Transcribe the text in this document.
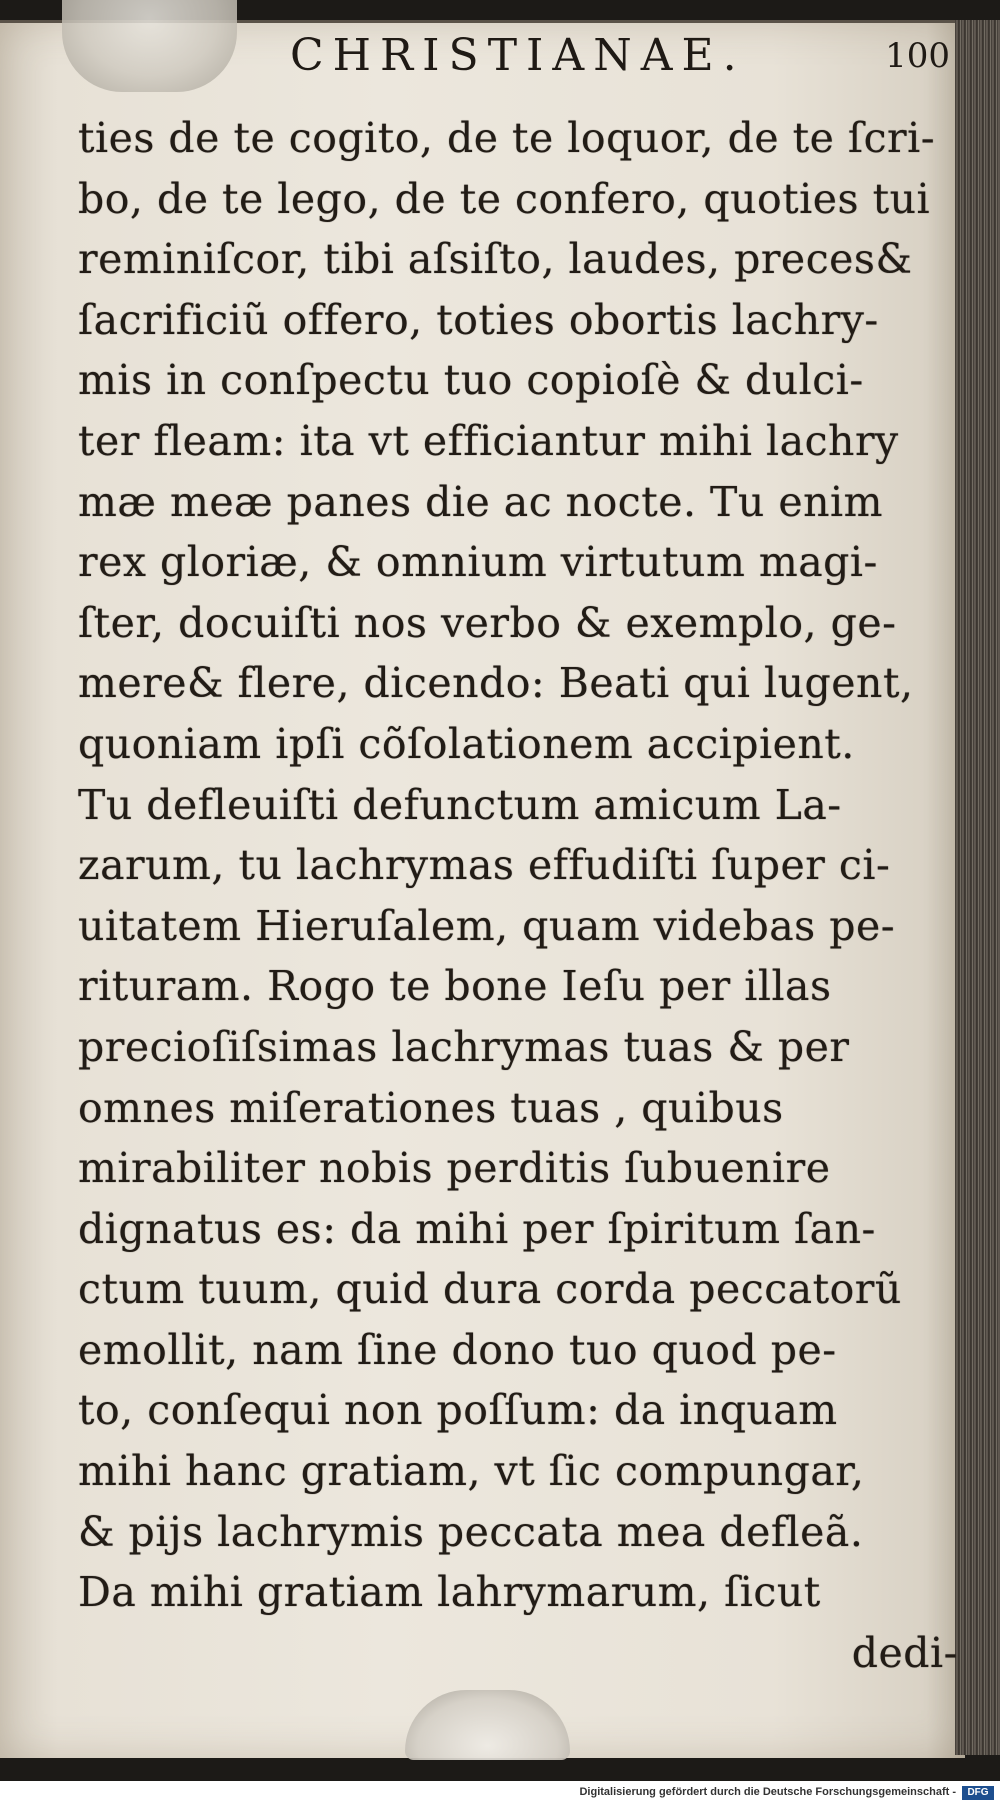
CHRISTIANAE.	100
ties de te cogito, de te loquor, de te ſcri-
bo, de te lego, de te confero, quoties tui
reminiſcor, tibi aſsiſto, laudes, preces&
ſacrificiũ offero, toties obortis lachry-
mis in conſpectu tuo copioſè & dulci-
ter fleam: ita vt efficiantur mihi lachry
mæ meæ panes die ac nocte. Tu enim
rex gloriæ, & omnium virtutum magi-
ſter, docuiſti nos verbo & exemplo, ge-
mere& flere, dicendo: Beati qui lugent,
quoniam ipſi cõſolationem accipient.
Tu defleuiſti defunctum amicum La-
zarum, tu lachrymas effudiſti ſuper ci-
uitatem Hieruſalem, quam videbas pe-
rituram. Rogo te bone Ieſu per illas
precioſiſsimas lachrymas tuas & per
omnes miſerationes tuas , quibus
mirabiliter nobis perditis ſubuenire
dignatus es: da mihi per ſpiritum ſan-
ctum tuum, quid dura corda peccatorũ
emollit, nam ſine dono tuo quod pe-
to, conſequi non poſſum: da inquam
mihi hanc gratiam, vt ſic compungar,
& pijs lachrymis peccata mea defleã.
Da mihi gratiam lahrymarum, ſicut
dedi-
Digitalisierung gefördert durch die Deutsche Forschungsgemeinschaft -	DFG
